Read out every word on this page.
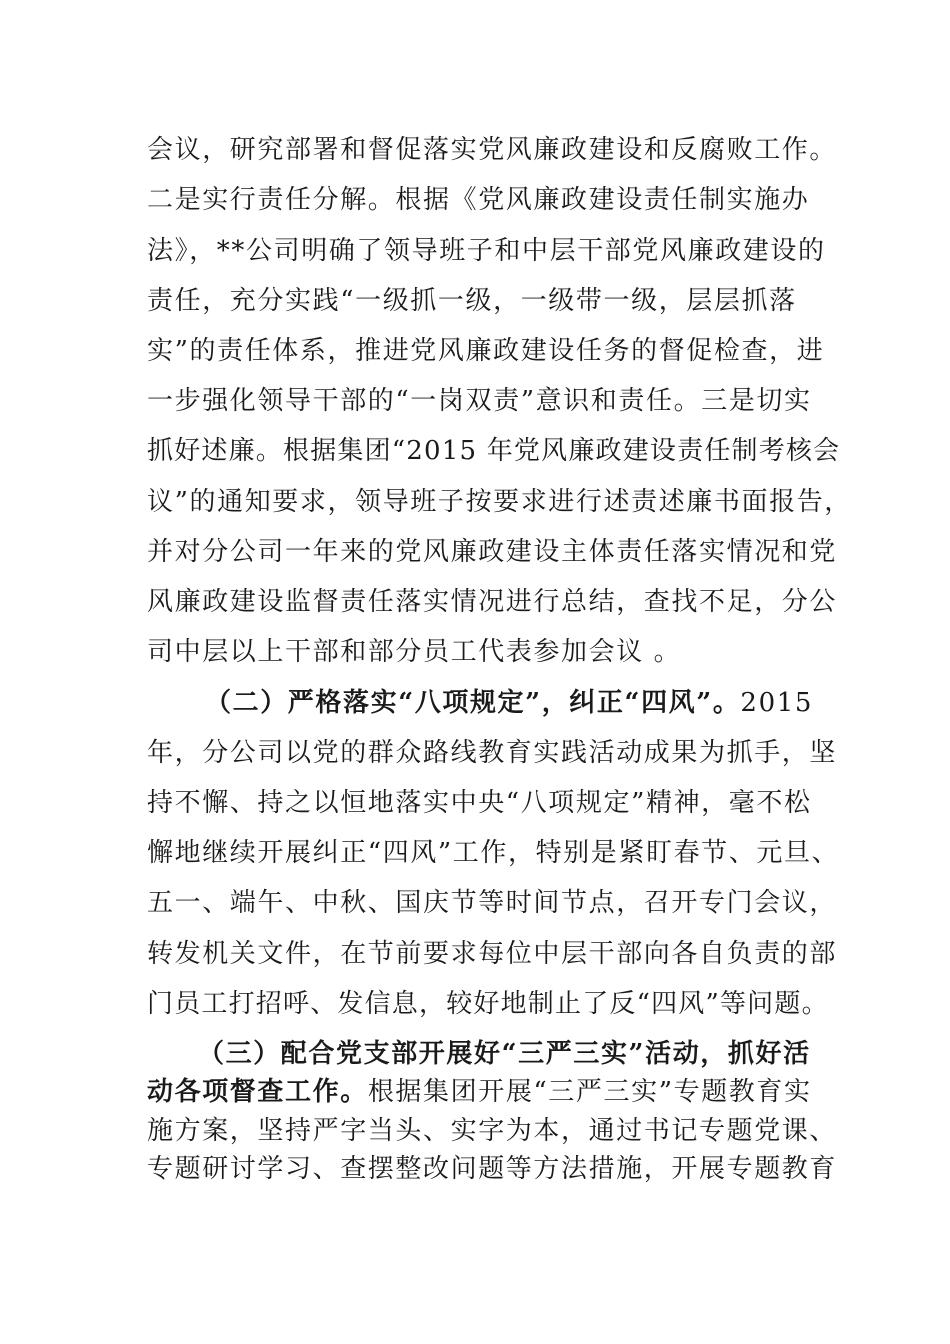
会议，研究部署和督促落实党风廉政建设和反腐败工作。
二是实行责任分解。根据《党风廉政建设责任制实施办
法》，**公司明确了领导班子和中层干部党风廉政建设的
责任，充分实践“一级抓一级，一级带一级，层层抓落
实”的责任体系，推进党风廉政建设任务的督促检查，进
一步强化领导干部的“一岗双责”意识和责任。三是切实
抓好述廉。根据集团“2015 年党风廉政建设责任制考核会
议”的通知要求，领导班子按要求进行述责述廉书面报告，
并对分公司一年来的党风廉政建设主体责任落实情况和党
风廉政建设监督责任落实情况进行总结，查找不足，分公
司中层以上干部和部分员工代表参加会议 。
（二）严格落实“八项规定”，纠正“四风”。2015
年，分公司以党的群众路线教育实践活动成果为抓手，坚
持不懈、持之以恒地落实中央“八项规定”精神，毫不松
懈地继续开展纠正“四风”工作，特别是紧盯春节、元旦、
五一、端午、中秋、国庆节等时间节点，召开专门会议，
转发机关文件，在节前要求每位中层干部向各自负责的部
门员工打招呼、发信息，较好地制止了反“四风”等问题。
（三）配合党支部开展好“三严三实”活动，抓好活
动各项督查工作。根据集团开展“三严三实”专题教育实
施方案，坚持严字当头、实字为本，通过书记专题党课、
专题研讨学习、查摆整改问题等方法措施，开展专题教育
